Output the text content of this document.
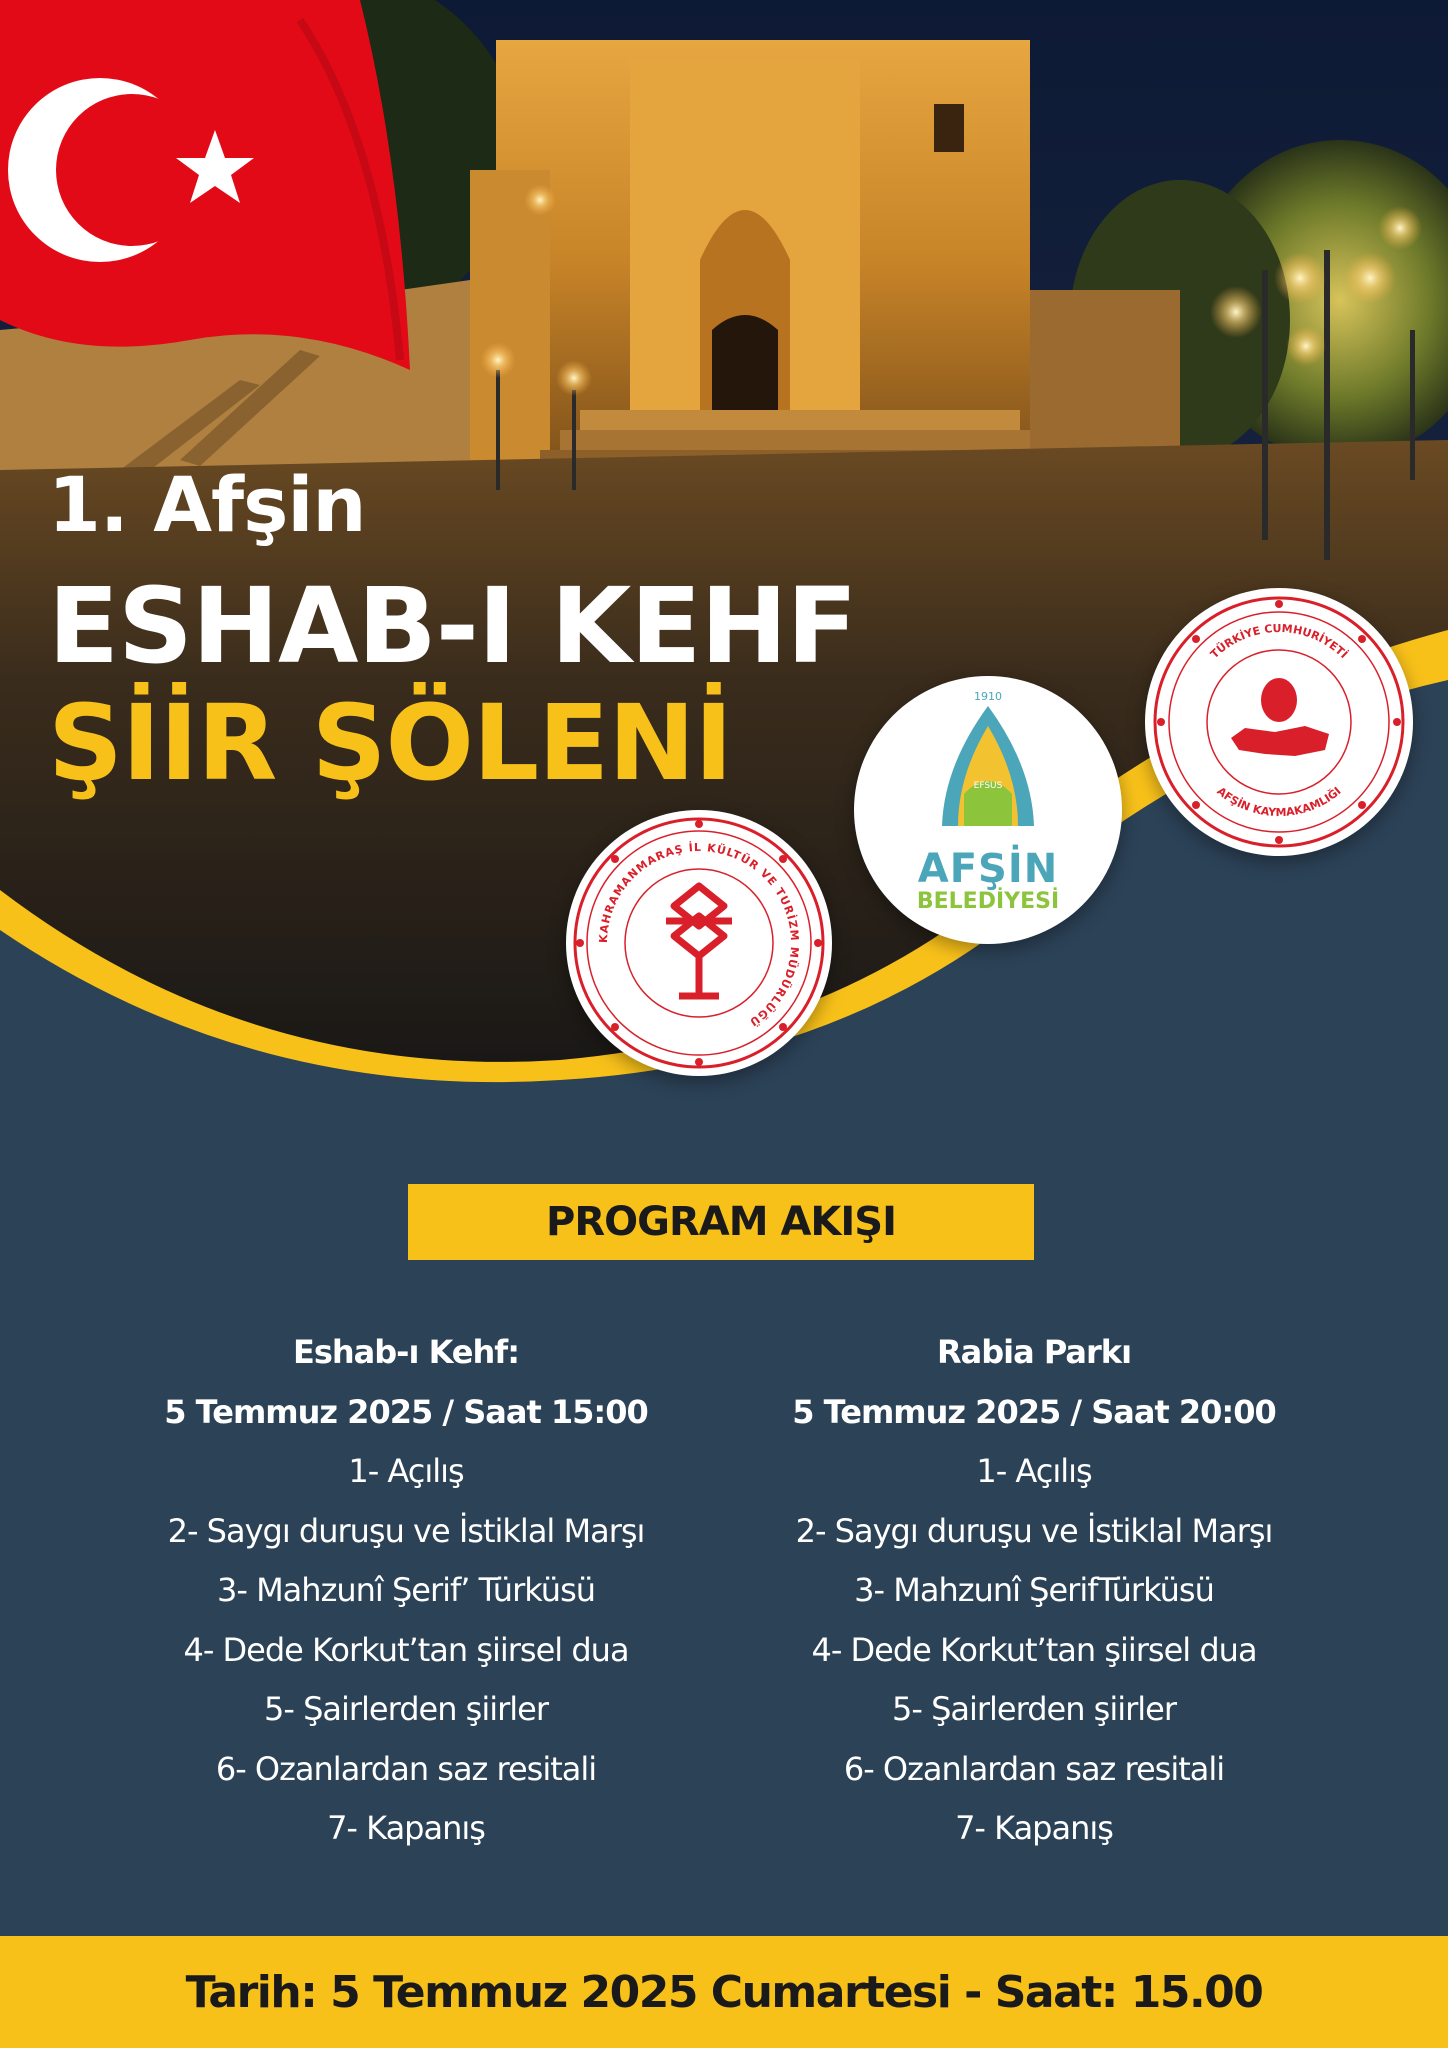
1. Afşin
ESHAB-I KEHF
ŞİİR ŞÖLENİ
KAHRAMANMARAŞ İL KÜLTÜR VE TURİZM MÜDÜRLÜĞÜ
1910
EFSUS
AFŞİN
BELEDİYESİ
TÜRKİYE CUMHURİYETİ
AFŞİN KAYMAKAMLIĞI
PROGRAM AKIŞI
Eshab-ı Kehf:
5 Temmuz 2025 / Saat 15:00
1- Açılış
2- Saygı duruşu ve İstiklal Marşı
3- Mahzunî Şerif’ Türküsü
4- Dede Korkut’tan şiirsel dua
5- Şairlerden şiirler
6- Ozanlardan saz resitali
7- Kapanış
Rabia Parkı
5 Temmuz 2025 / Saat 20:00
1- Açılış
2- Saygı duruşu ve İstiklal Marşı
3- Mahzunî ŞerifTürküsü
4- Dede Korkut’tan şiirsel dua
5- Şairlerden şiirler
6- Ozanlardan saz resitali
7- Kapanış
Tarih: 5 Temmuz 2025 Cumartesi - Saat: 15.00
